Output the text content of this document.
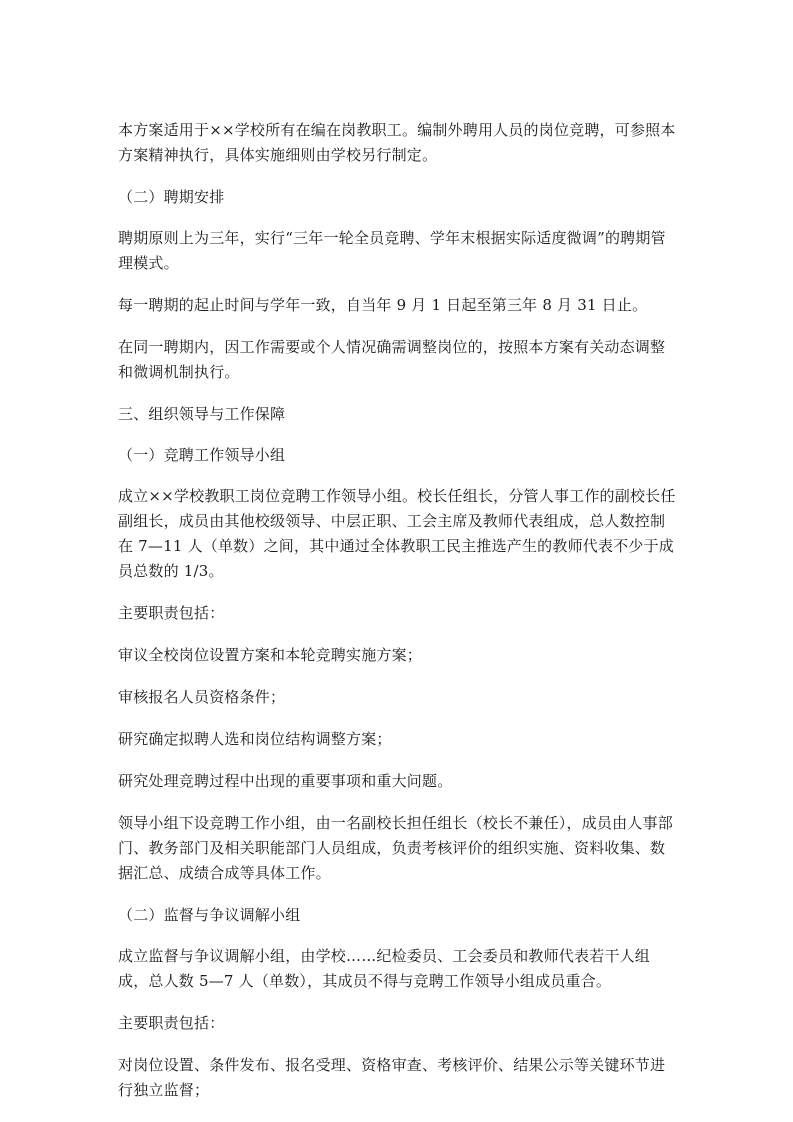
本方案适用于××学校所有在编在岗教职工。编制外聘用人员的岗位竞聘，可参照本方案精神执行，具体实施细则由学校另行制定。

（二）聘期安排

聘期原则上为三年，实行“三年一轮全员竞聘、学年末根据实际适度微调”的聘期管理模式。

每一聘期的起止时间与学年一致，自当年 9 月 1 日起至第三年 8 月 31 日止。

在同一聘期内，因工作需要或个人情况确需调整岗位的，按照本方案有关动态调整和微调机制执行。

三、组织领导与工作保障

（一）竞聘工作领导小组

成立××学校教职工岗位竞聘工作领导小组。校长任组长，分管人事工作的副校长任副组长，成员由其他校级领导、中层正职、工会主席及教师代表组成，总人数控制在 7—11 人（单数）之间，其中通过全体教职工民主推选产生的教师代表不少于成员总数的 1/3。

主要职责包括：

审议全校岗位设置方案和本轮竞聘实施方案；

审核报名人员资格条件；

研究确定拟聘人选和岗位结构调整方案；

研究处理竞聘过程中出现的重要事项和重大问题。

领导小组下设竞聘工作小组，由一名副校长担任组长（校长不兼任），成员由人事部门、教务部门及相关职能部门人员组成，负责考核评价的组织实施、资料收集、数据汇总、成绩合成等具体工作。

（二）监督与争议调解小组

成立监督与争议调解小组，由学校……纪检委员、工会委员和教师代表若干人组成，总人数 5—7 人（单数），其成员不得与竞聘工作领导小组成员重合。

主要职责包括：

对岗位设置、条件发布、报名受理、资格审查、考核评价、结果公示等关键环节进行独立监督；
